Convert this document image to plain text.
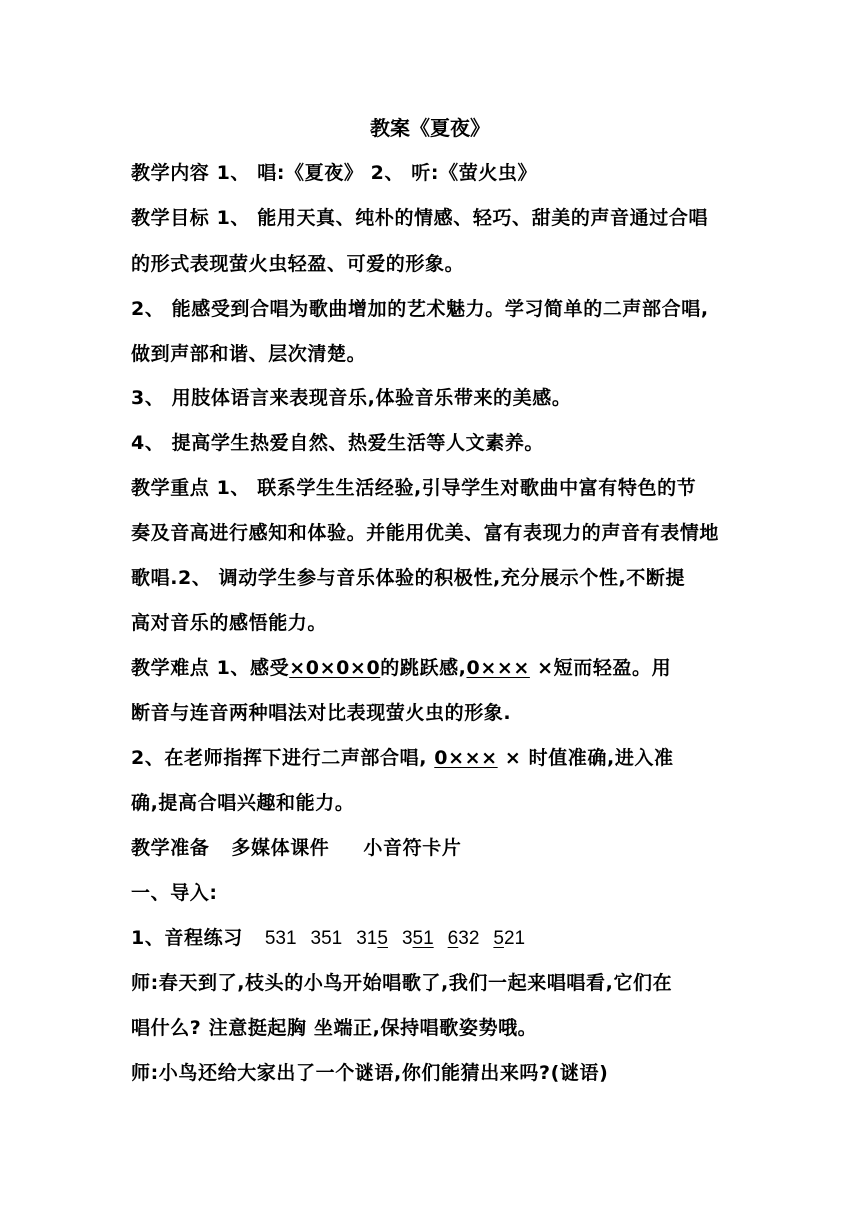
教案《夏夜》
教学内容 1、 唱:《夏夜》 2、 听:《萤火虫》
教学目标 1、 能用天真、纯朴的情感、轻巧、甜美的声音通过合唱
的形式表现萤火虫轻盈、可爱的形象。
2、 能感受到合唱为歌曲增加的艺术魅力。学习简单的二声部合唱,
做到声部和谐、层次清楚。
3、 用肢体语言来表现音乐,体验音乐带来的美感。
4、 提高学生热爱自然、热爱生活等人文素养。
教学重点 1、 联系学生生活经验,引导学生对歌曲中富有特色的节
奏及音高进行感知和体验。并能用优美、富有表现力的声音有表情地
歌唱.2、 调动学生参与音乐体验的积极性,充分展示个性,不断提
高对音乐的感悟能力。
教学难点 1、感受×0×0×0的跳跃感,0××× ×短而轻盈。用
断音与连音两种唱法对比表现萤火虫的形象.
2、在老师指挥下进行二声部合唱, 0××× × 时值准确,进入准
确,提高合唱兴趣和能力。
教学准备 多媒体课件 小音符卡片
一、导入:
1、音程练习 531 351 315 351 632 521
师:春天到了,枝头的小鸟开始唱歌了,我们一起来唱唱看,它们在
唱什么? 注意挺起胸 坐端正,保持唱歌姿势哦。
师:小鸟还给大家出了一个谜语,你们能猜出来吗?(谜语)
